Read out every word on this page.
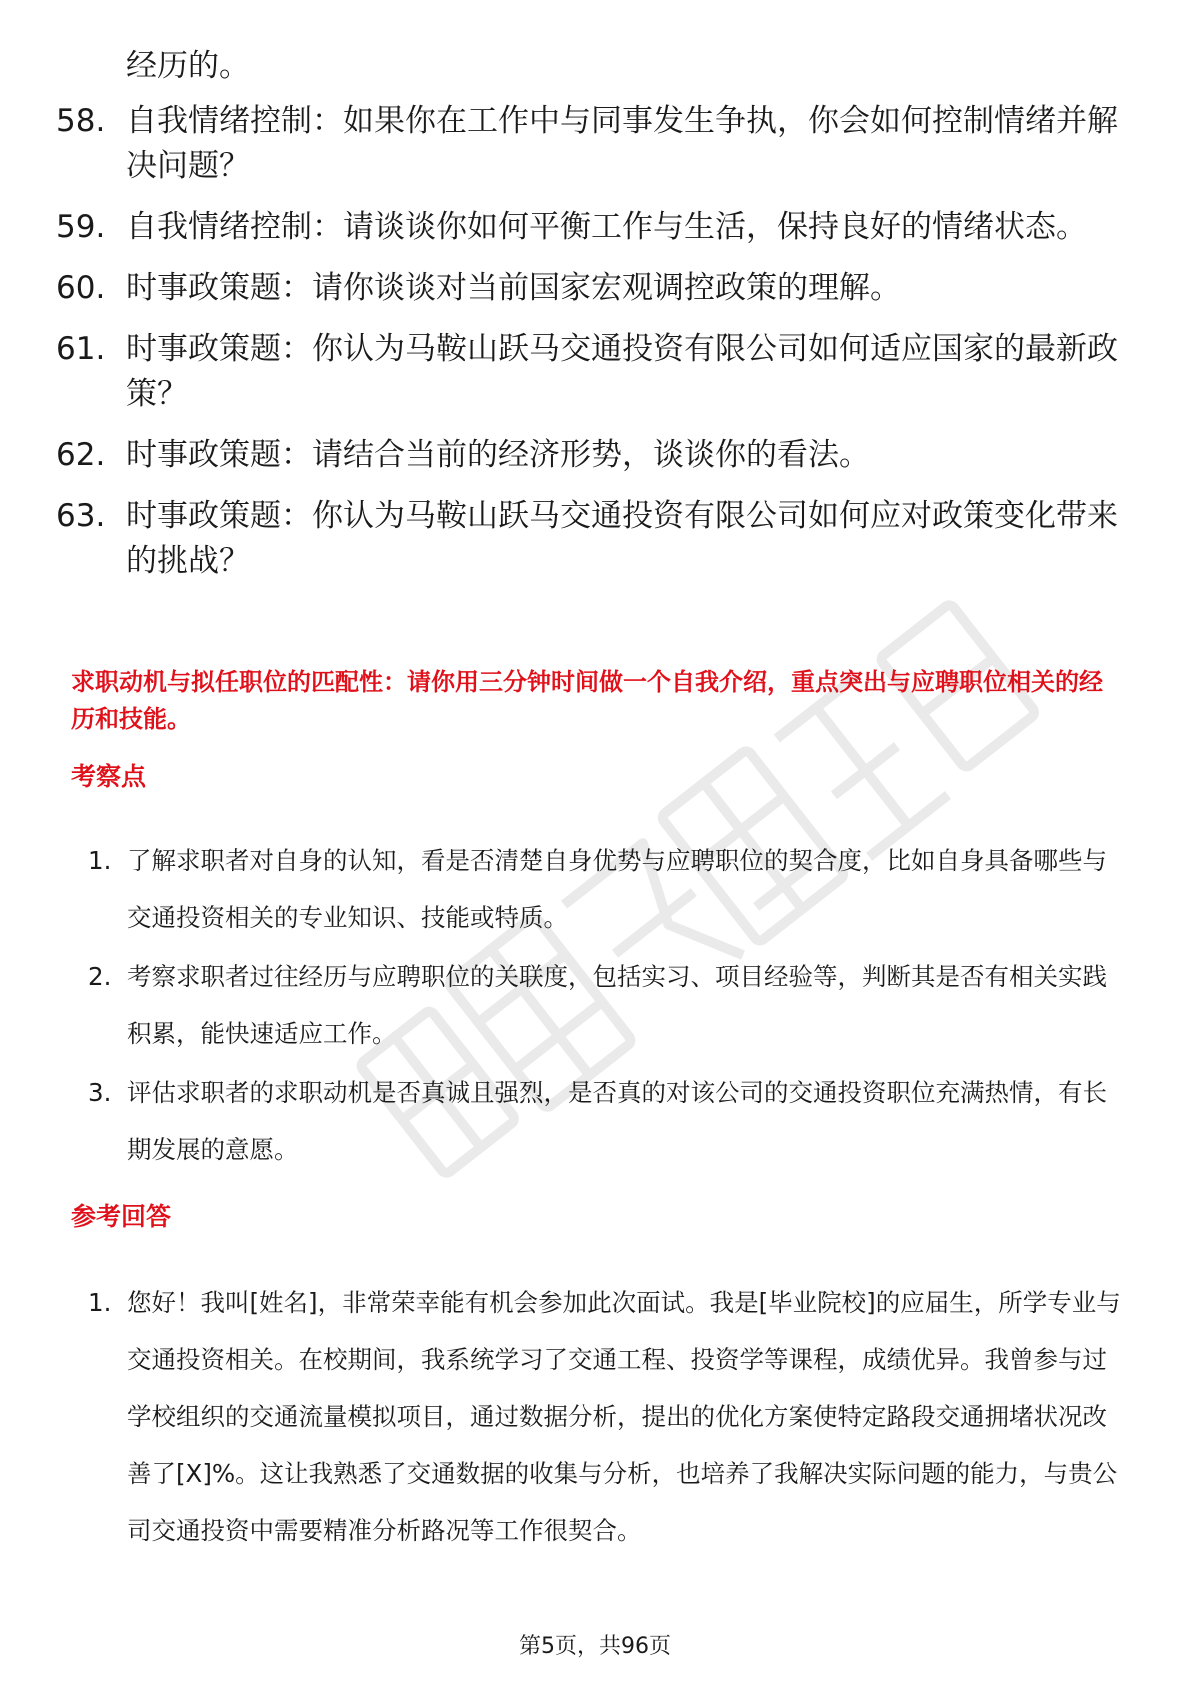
经历的。
58. 自我情绪控制：如果你在工作中与同事发生争执，你会如何控制情绪并解决问题？
59. 自我情绪控制：请谈谈你如何平衡工作与生活，保持良好的情绪状态。
60. 时事政策题：请你谈谈对当前国家宏观调控政策的理解。
61. 时事政策题：你认为马鞍山跃马交通投资有限公司如何适应国家的最新政策？
62. 时事政策题：请结合当前的经济形势，谈谈你的看法。
63. 时事政策题：你认为马鞍山跃马交通投资有限公司如何应对政策变化带来的挑战？
求职动机与拟任职位的匹配性：请你用三分钟时间做一个自我介绍，重点突出与应聘职位相关的经历和技能。
考察点
1. 了解求职者对自身的认知，看是否清楚自身优势与应聘职位的契合度，比如自身具备哪些与交通投资相关的专业知识、技能或特质。
2. 考察求职者过往经历与应聘职位的关联度，包括实习、项目经验等，判断其是否有相关实践积累，能快速适应工作。
3. 评估求职者的求职动机是否真诚且强烈，是否真的对该公司的交通投资职位充满热情，有长期发展的意愿。
参考回答
1. 您好！我叫[姓名]，非常荣幸能有机会参加此次面试。我是[毕业院校]的应届生，所学专业与交通投资相关。在校期间，我系统学习了交通工程、投资学等课程，成绩优异。我曾参与过学校组织的交通流量模拟项目，通过数据分析，提出的优化方案使特定路段交通拥堵状况改善了[X]%。这让我熟悉了交通数据的收集与分析，也培养了我解决实际问题的能力，与贵公司交通投资中需要精准分析路况等工作很契合。
第5页，共96页
